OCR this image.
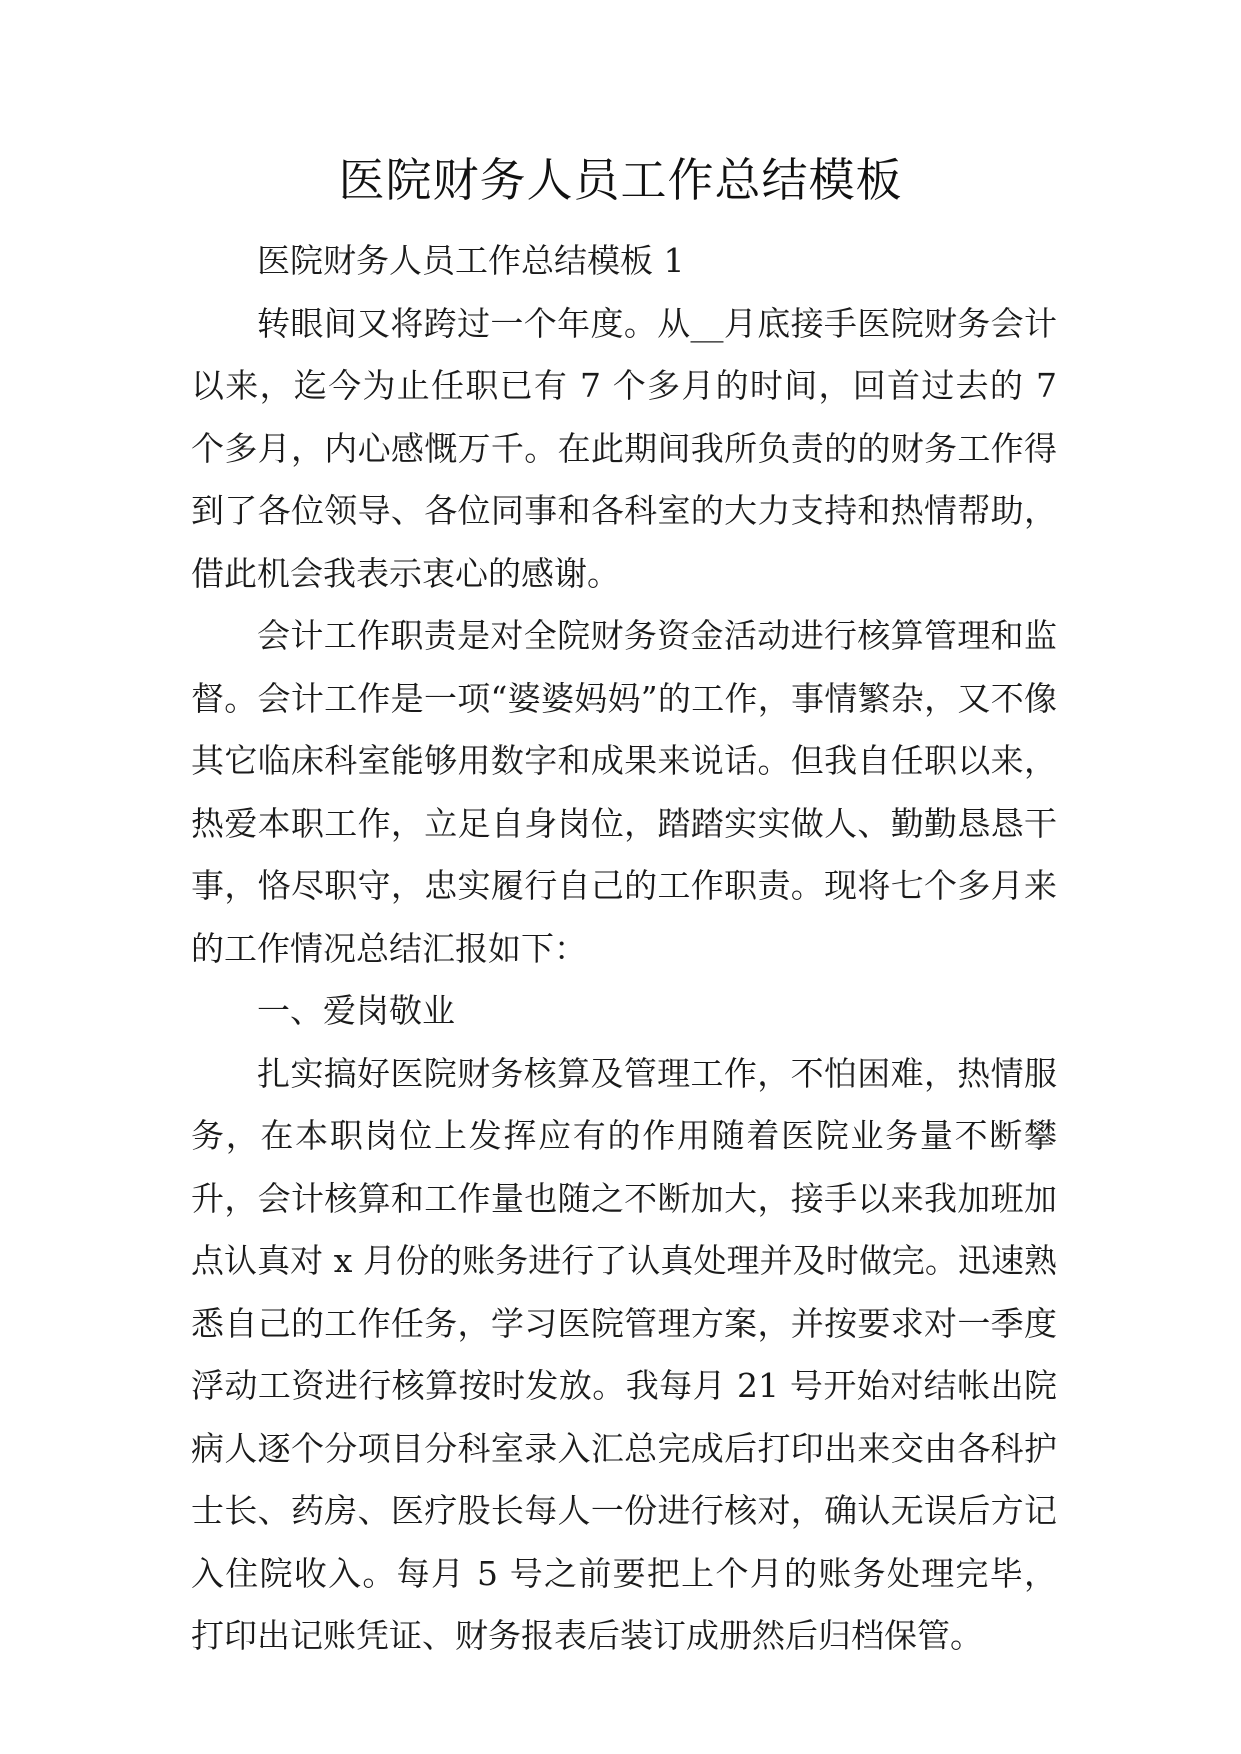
医院财务人员工作总结模板

医院财务人员工作总结模板 1

转眼间又将跨过一个年度。从__月底接手医院财务会计以来，迄今为止任职已有 7 个多月的时间，回首过去的 7 个多月，内心感慨万千。在此期间我所负责的的财务工作得到了各位领导、各位同事和各科室的大力支持和热情帮助，借此机会我表示衷心的感谢。

会计工作职责是对全院财务资金活动进行核算管理和监督。会计工作是一项“婆婆妈妈”的工作，事情繁杂，又不像其它临床科室能够用数字和成果来说话。但我自任职以来，热爱本职工作，立足自身岗位，踏踏实实做人、勤勤恳恳干事，恪尽职守，忠实履行自己的工作职责。现将七个多月来的工作情况总结汇报如下：

一、爱岗敬业

扎实搞好医院财务核算及管理工作，不怕困难，热情服务，在本职岗位上发挥应有的作用随着医院业务量不断攀升，会计核算和工作量也随之不断加大，接手以来我加班加点认真对 x 月份的账务进行了认真处理并及时做完。迅速熟悉自己的工作任务，学习医院管理方案，并按要求对一季度浮动工资进行核算按时发放。我每月 21 号开始对结帐出院病人逐个分项目分科室录入汇总完成后打印出来交由各科护士长、药房、医疗股长每人一份进行核对，确认无误后方记入住院收入。每月 5 号之前要把上个月的账务处理完毕，打印出记账凭证、财务报表后装订成册然后归档保管。
